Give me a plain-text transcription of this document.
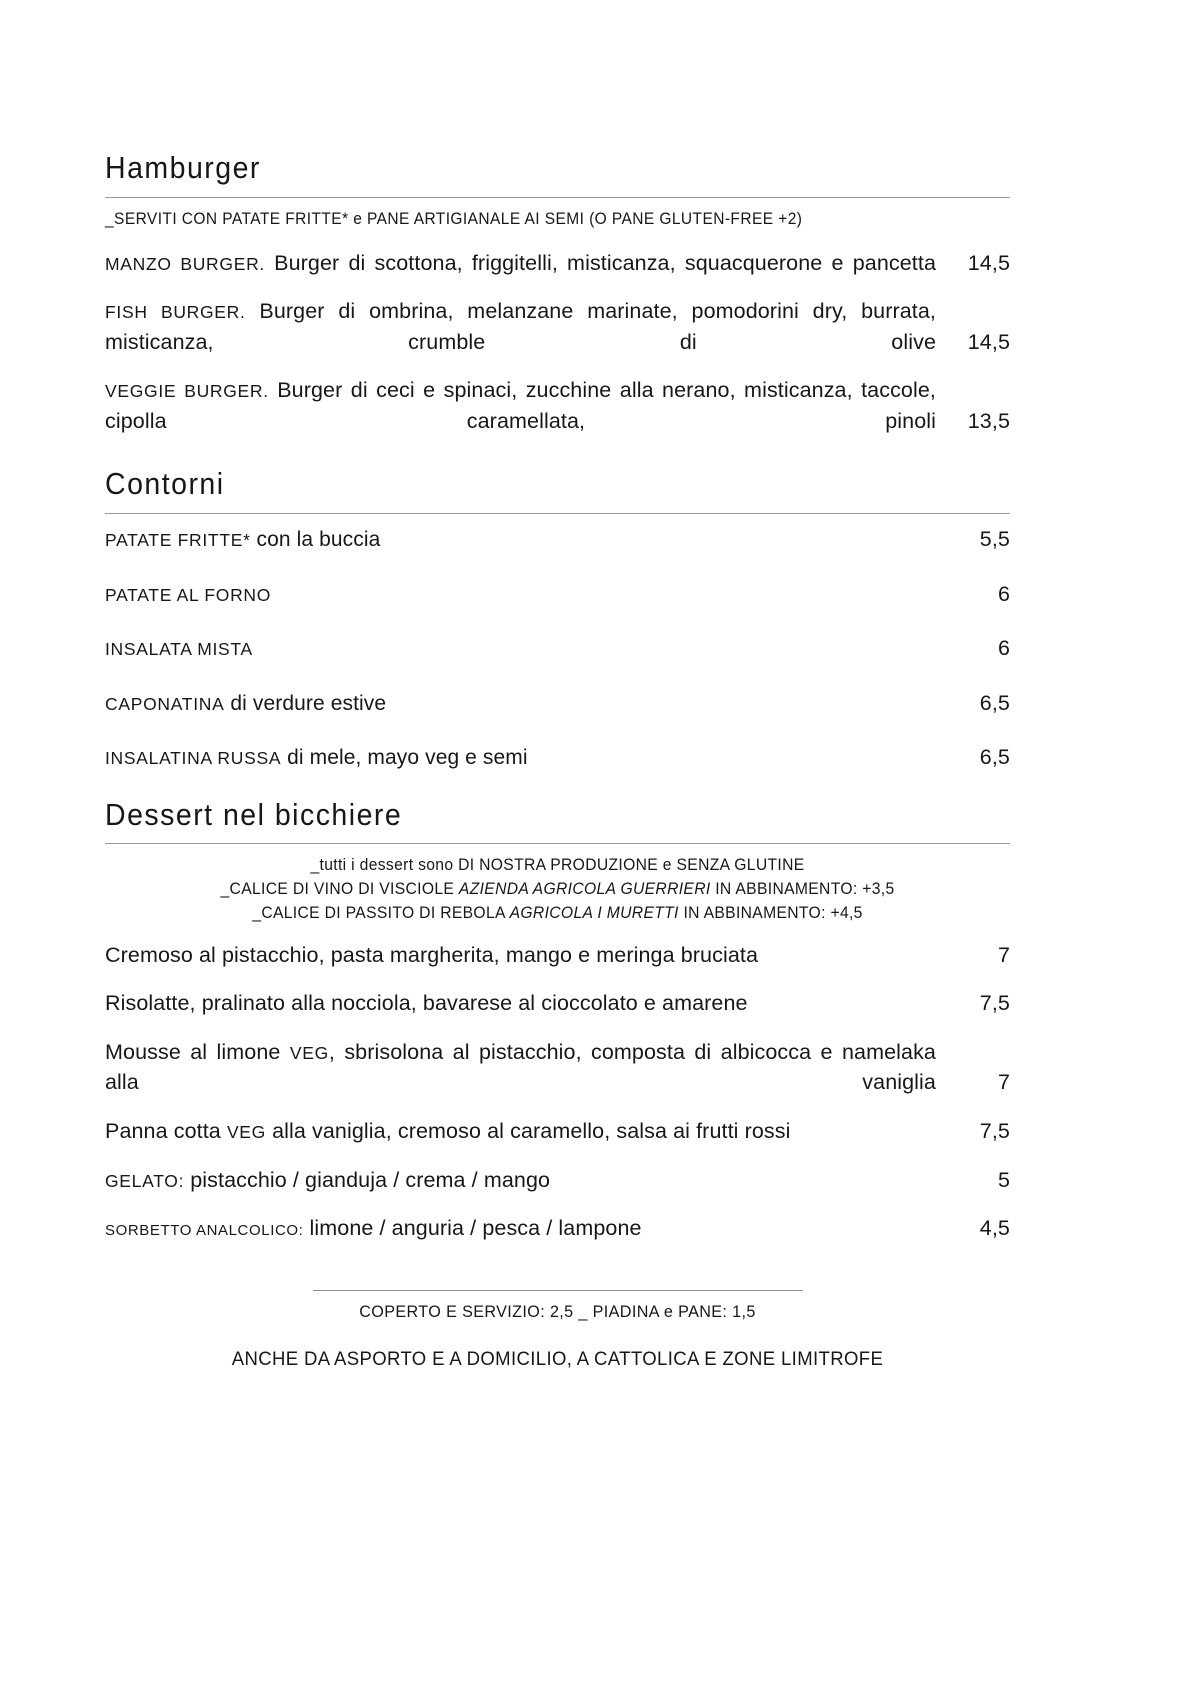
Hamburger
_SERVITI CON PATATE FRITTE* e PANE ARTIGIANALE AI SEMI (O PANE GLUTEN-FREE +2)

MANZO BURGER. Burger di scottona, friggitelli, misticanza, squacquerone e pancetta	14,5

FISH BURGER. Burger di ombrina, melanzane marinate, pomodorini dry, burrata, misticanza, crumble di olive	14,5

VEGGIE BURGER. Burger di ceci e spinaci, zucchine alla nerano, misticanza, taccole, cipolla caramellata, pinoli	13,5
Contorni
PATATE FRITTE* con la buccia	5,5
PATATE AL FORNO	6
INSALATA MISTA	6
CAPONATINA di verdure estive	6,5
INSALATINA RUSSA di mele, mayo veg e semi	6,5
Dessert nel bicchiere
_tutti i dessert sono DI NOSTRA PRODUZIONE e SENZA GLUTINE
_CALICE DI VINO DI VISCIOLE AZIENDA AGRICOLA GUERRIERI IN ABBINAMENTO: +3,5
_CALICE DI PASSITO DI REBOLA AGRICOLA I MURETTI IN ABBINAMENTO: +4,5

Cremoso al pistacchio, pasta margherita, mango e meringa bruciata	7

Risolatte, pralinato alla nocciola, bavarese al cioccolato e amarene	7,5

Mousse al limone VEG, sbrisolona al pistacchio, composta di albicocca e namelaka alla vaniglia	7

Panna cotta VEG alla vaniglia, cremoso al caramello, salsa ai frutti rossi	7,5

GELATO: pistacchio / gianduja / crema / mango	5

SORBETTO ANALCOLICO: limone / anguria / pesca / lampone	4,5
COPERTO E SERVIZIO: 2,5 _ PIADINA e PANE: 1,5
ANCHE DA ASPORTO E A DOMICILIO, A CATTOLICA E ZONE LIMITROFE
